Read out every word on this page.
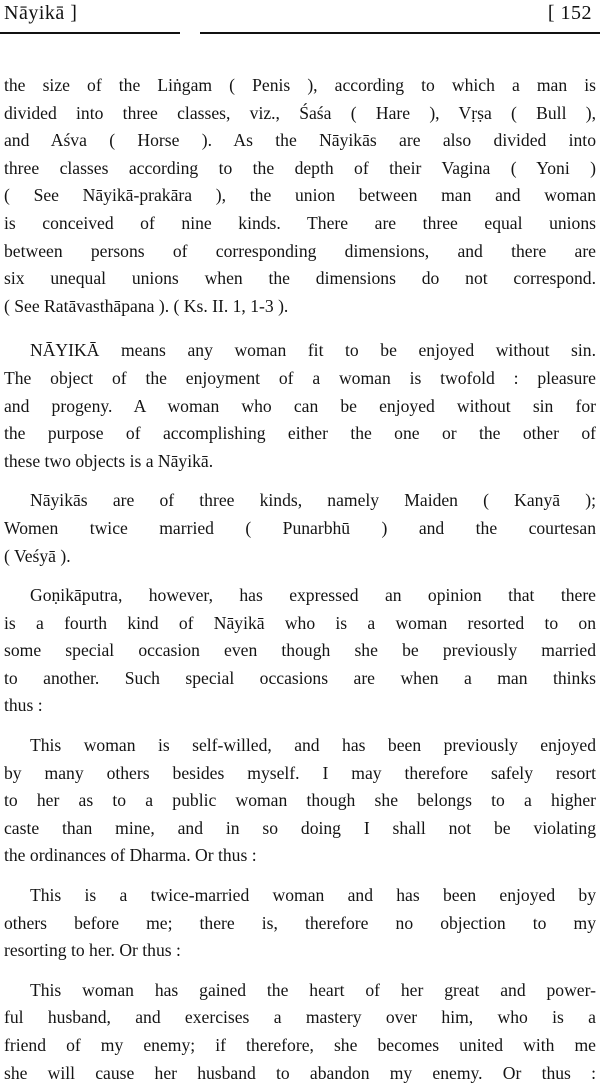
Nāyikā ]	[ 152
the size of the Liṅgam ( Penis ), according to which a man is
divided into three classes, viz., Śaśa ( Hare ), Vṛṣa ( Bull ),
and Aśva ( Horse ). As the Nāyikās are also divided into
three classes according to the depth of their Vagina ( Yoni )
( See Nāyikā-prakāra ), the union between man and woman
is conceived of nine kinds. There are three equal unions
between persons of corresponding dimensions, and there are
six unequal unions when the dimensions do not correspond.
( See Ratāvasthāpana ). ( Ks. II. 1, 1-3 ).
NĀYIKĀ means any woman fit to be enjoyed without sin.
The object of the enjoyment of a woman is twofold : pleasure
and progeny. A woman who can be enjoyed without sin for
the purpose of accomplishing either the one or the other of
these two objects is a Nāyikā.
Nāyikās are of three kinds, namely Maiden ( Kanyā );
Women twice married ( Punarbhū ) and the courtesan
( Veśyā ).
Goṇikāputra, however, has expressed an opinion that there
is a fourth kind of Nāyikā who is a woman resorted to on
some special occasion even though she be previously married
to another. Such special occasions are when a man thinks
thus :
This woman is self-willed, and has been previously enjoyed
by many others besides myself. I may therefore safely resort
to her as to a public woman though she belongs to a higher
caste than mine, and in so doing I shall not be violating
the ordinances of Dharma. Or thus :
This is a twice-married woman and has been enjoyed by
others before me; there is, therefore no objection to my
resorting to her. Or thus :
This woman has gained the heart of her great and power-
ful husband, and exercises a mastery over him, who is a
friend of my enemy; if therefore, she becomes united with me
she will cause her husband to abandon my enemy. Or thus :
